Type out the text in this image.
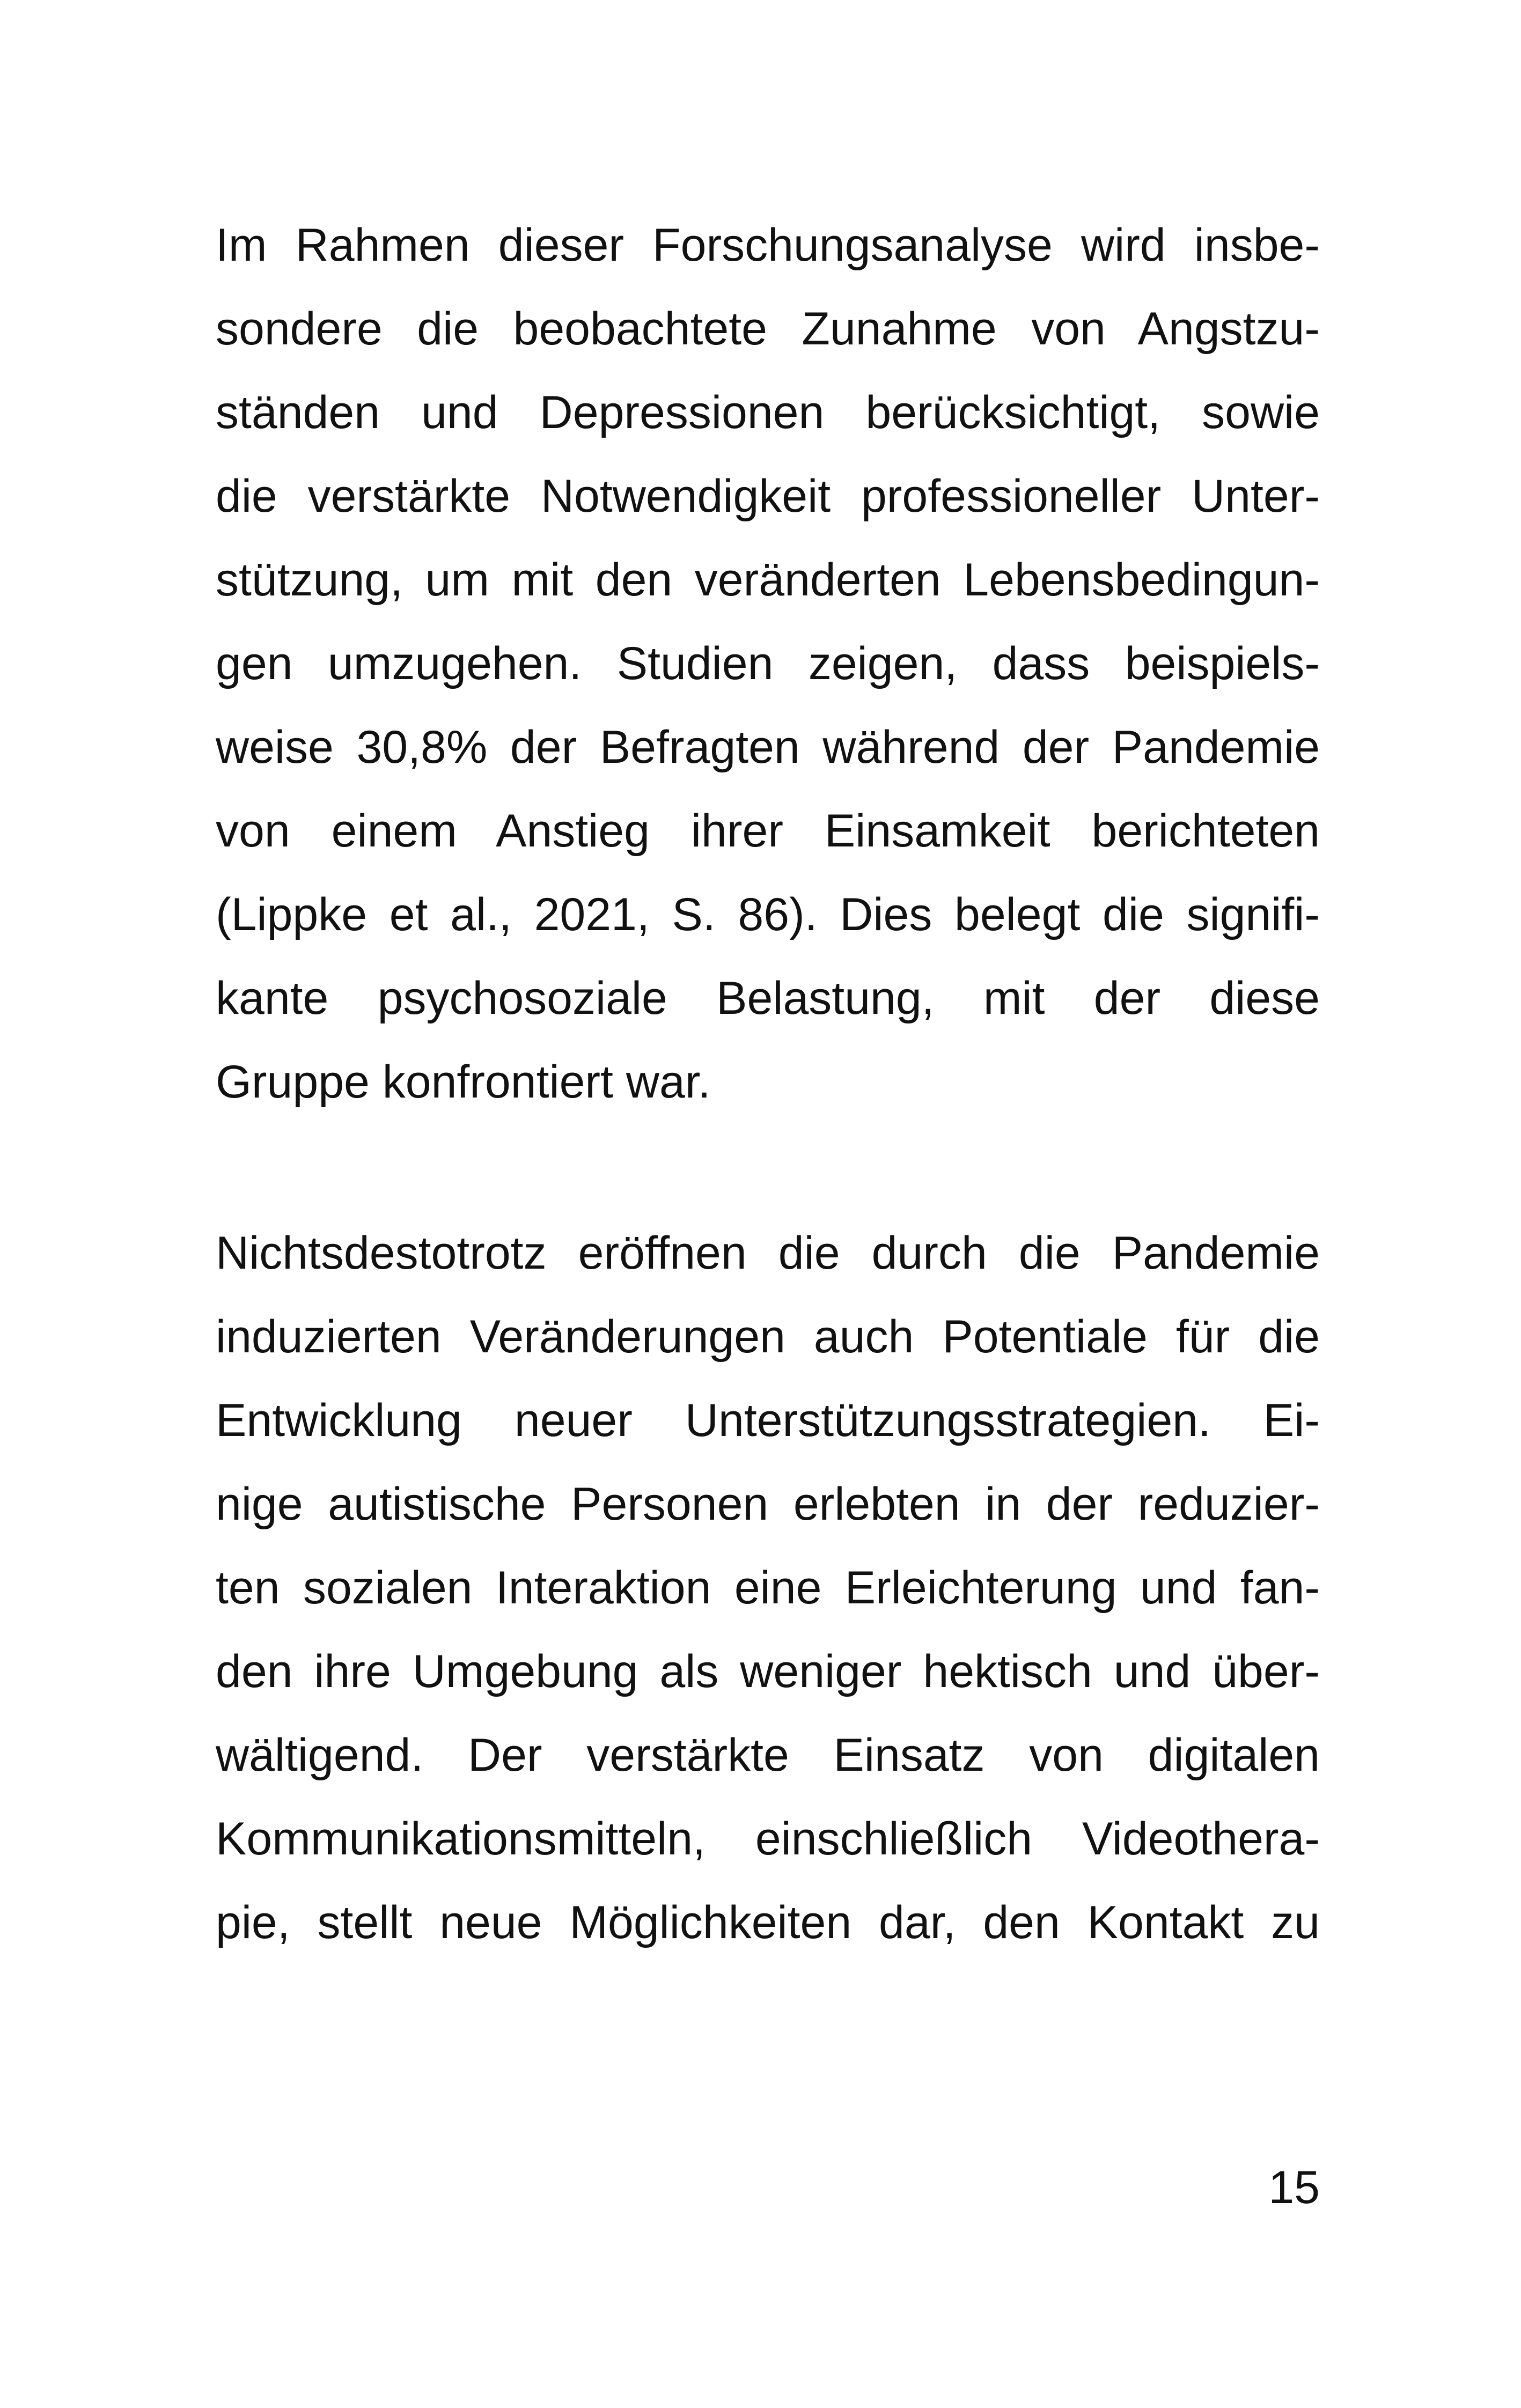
Im Rahmen dieser Forschungsanalyse wird insbe-
sondere die beobachtete Zunahme von Angstzu-
ständen und Depressionen berücksichtigt, sowie
die verstärkte Notwendigkeit professioneller Unter-
stützung, um mit den veränderten Lebensbedingun-
gen umzugehen. Studien zeigen, dass beispiels-
weise 30,8% der Befragten während der Pandemie
von einem Anstieg ihrer Einsamkeit berichteten
(Lippke et al., 2021, S. 86). Dies belegt die signifi-
kante psychosoziale Belastung, mit der diese
Gruppe konfrontiert war.
Nichtsdestotrotz eröffnen die durch die Pandemie
induzierten Veränderungen auch Potentiale für die
Entwicklung neuer Unterstützungsstrategien. Ei-
nige autistische Personen erlebten in der reduzier-
ten sozialen Interaktion eine Erleichterung und fan-
den ihre Umgebung als weniger hektisch und über-
wältigend. Der verstärkte Einsatz von digitalen
Kommunikationsmitteln, einschließlich Videothera-
pie, stellt neue Möglichkeiten dar, den Kontakt zu
15
